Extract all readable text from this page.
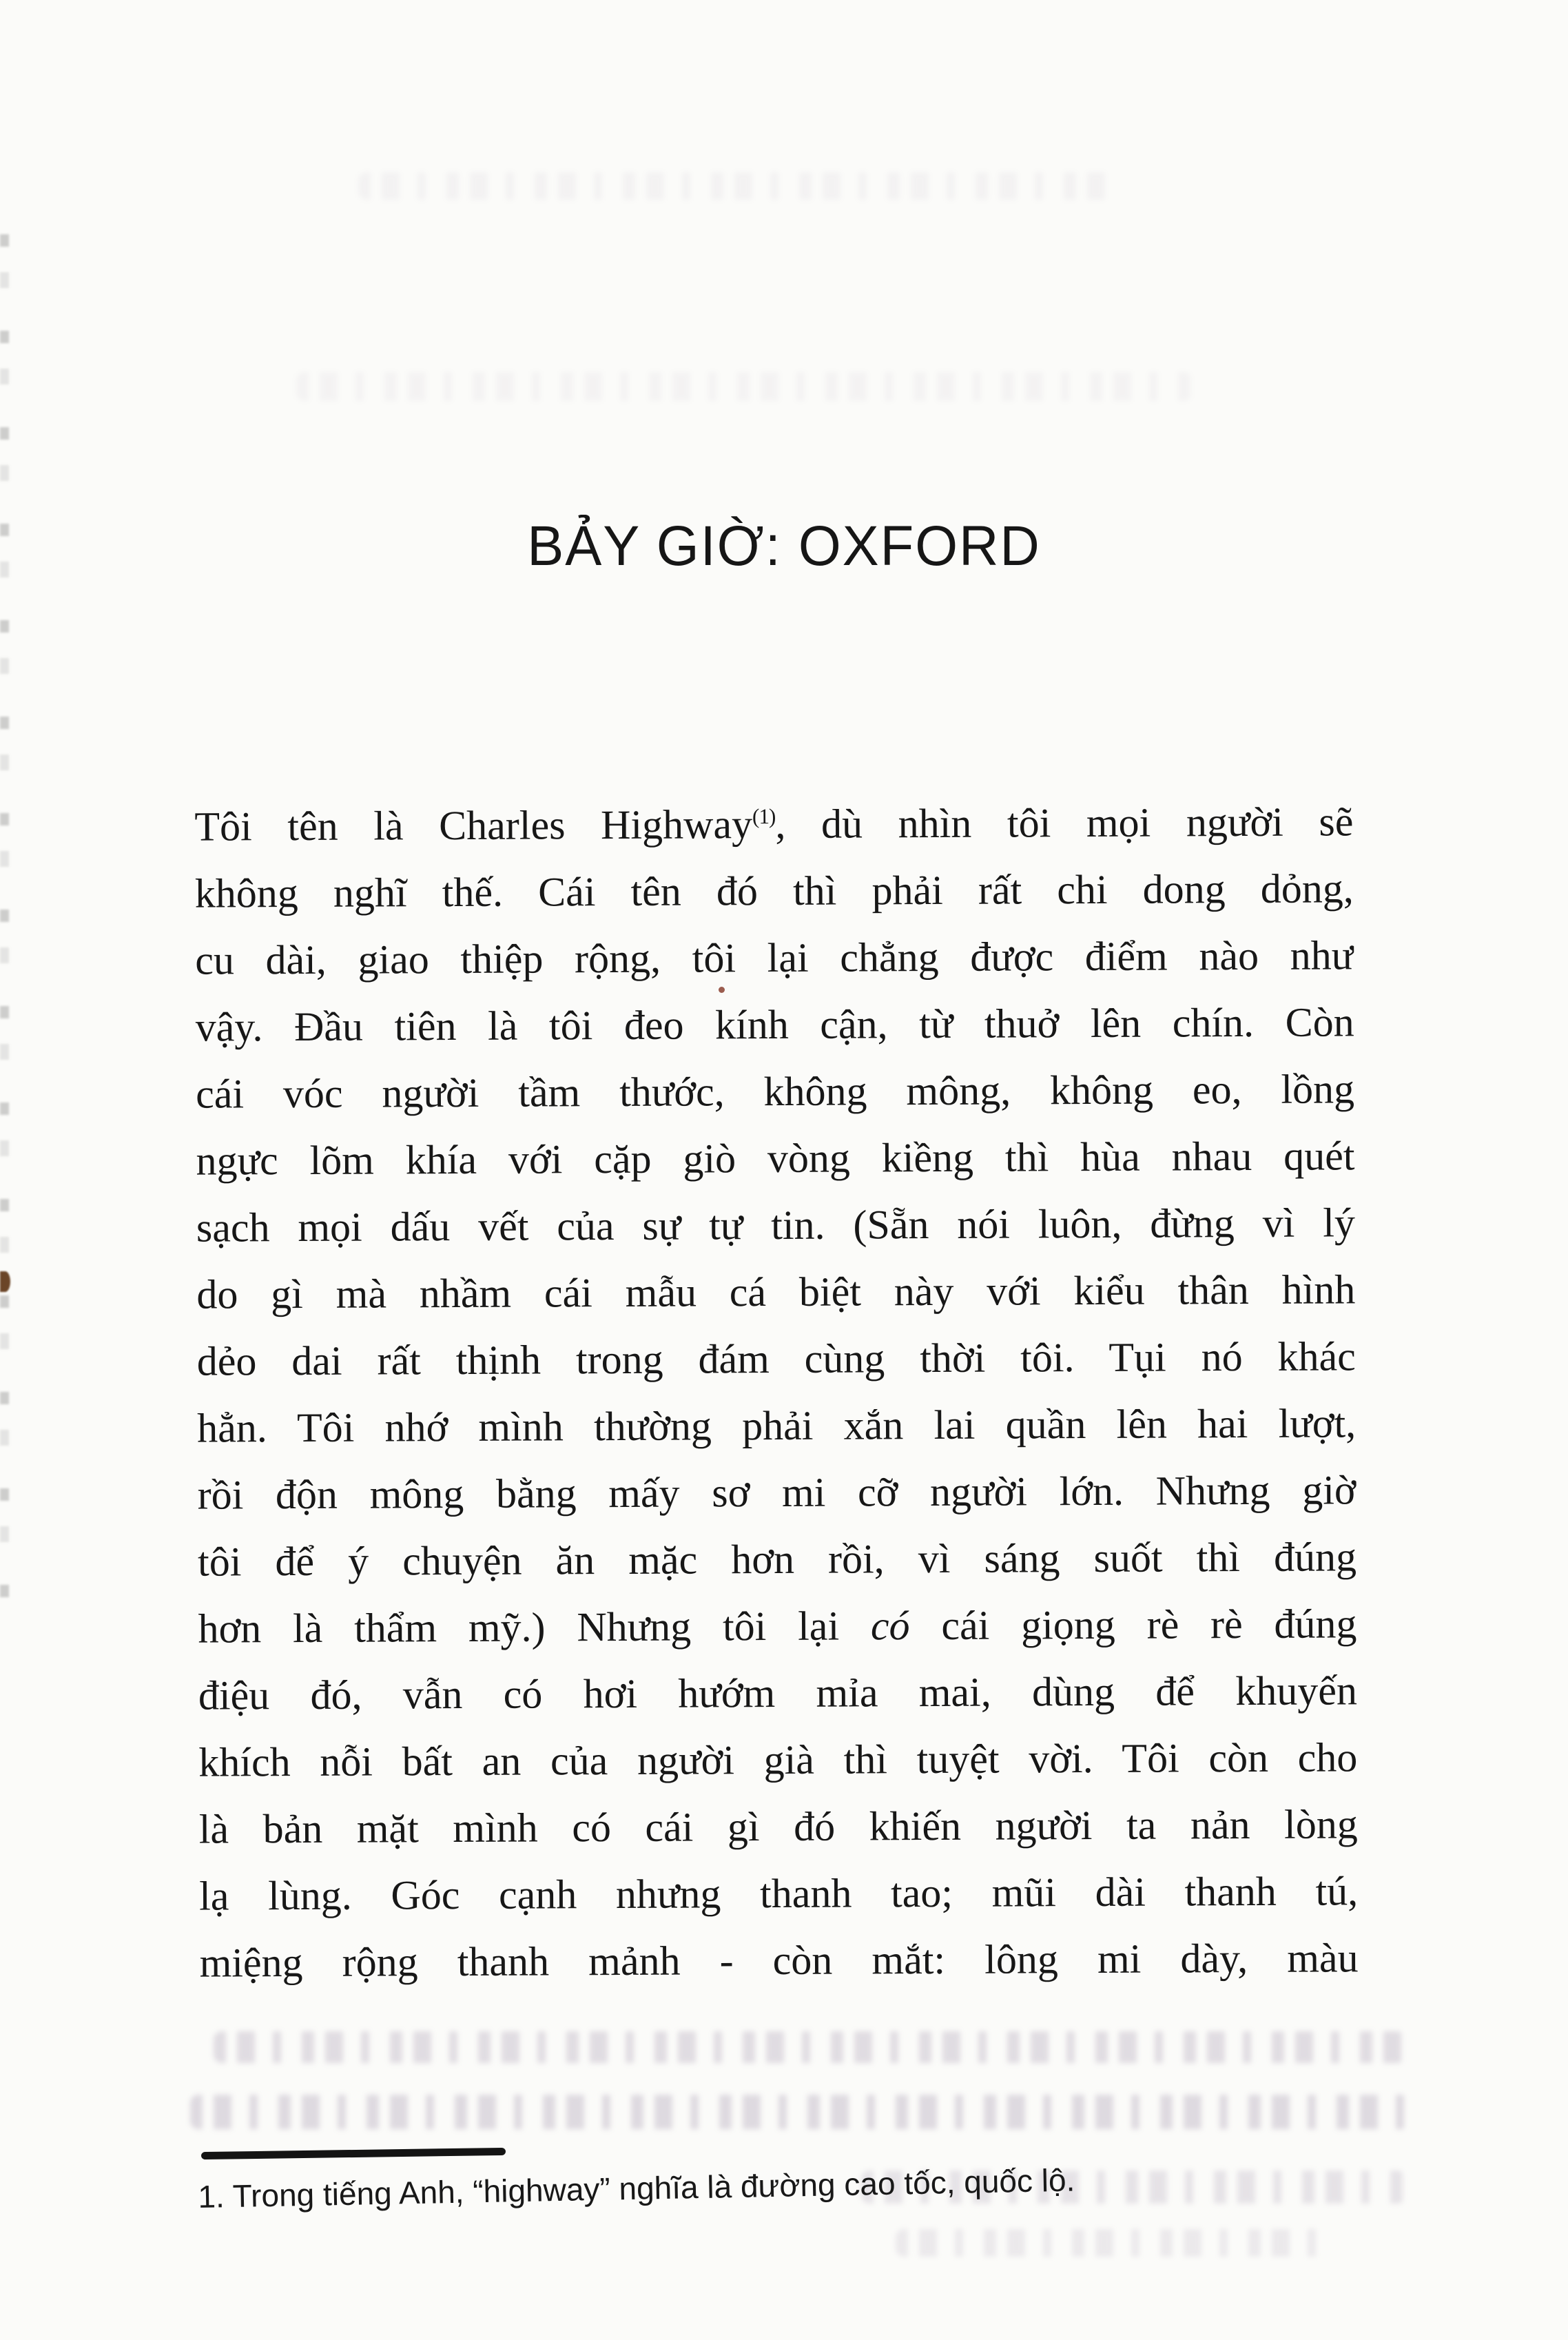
BẢY GIỜ: OXFORD
Tôi tên là Charles Highway$^{(1)}$, dù nhìn tôi mọi người sẽ
không nghĩ thế. Cái tên đó thì phải rất chi dong dỏng,
cu dài, giao thiệp rộng, tôi lại chẳng được điểm nào như
vậy. Đầu tiên là tôi đeo kính cận, từ thuở lên chín. Còn
cái vóc người tầm thước, không mông, không eo, lồng
ngực lõm khía với cặp giò vòng kiềng thì hùa nhau quét
sạch mọi dấu vết của sự tự tin. (Sẵn nói luôn, đừng vì lý
do gì mà nhầm cái mẫu cá biệt này với kiểu thân hình
dẻo dai rất thịnh trong đám cùng thời tôi. Tụi nó khác
hẳn. Tôi nhớ mình thường phải xắn lai quần lên hai lượt,
rồi độn mông bằng mấy sơ mi cỡ người lớn. Nhưng giờ
tôi để ý chuyện ăn mặc hơn rồi, vì sáng suốt thì đúng
hơn là thẩm mỹ.) Nhưng tôi lại có cái giọng rè rè đúng
điệu đó, vẫn có hơi hướm mỉa mai, dùng để khuyến
khích nỗi bất an của người già thì tuyệt vời. Tôi còn cho
là bản mặt mình có cái gì đó khiến người ta nản lòng
lạ lùng. Góc cạnh nhưng thanh tao; mũi dài thanh tú,
miệng rộng thanh mảnh - còn mắt: lông mi dày, màu
1. Trong tiếng Anh, “highway” nghĩa là đường cao tốc, quốc lộ.
